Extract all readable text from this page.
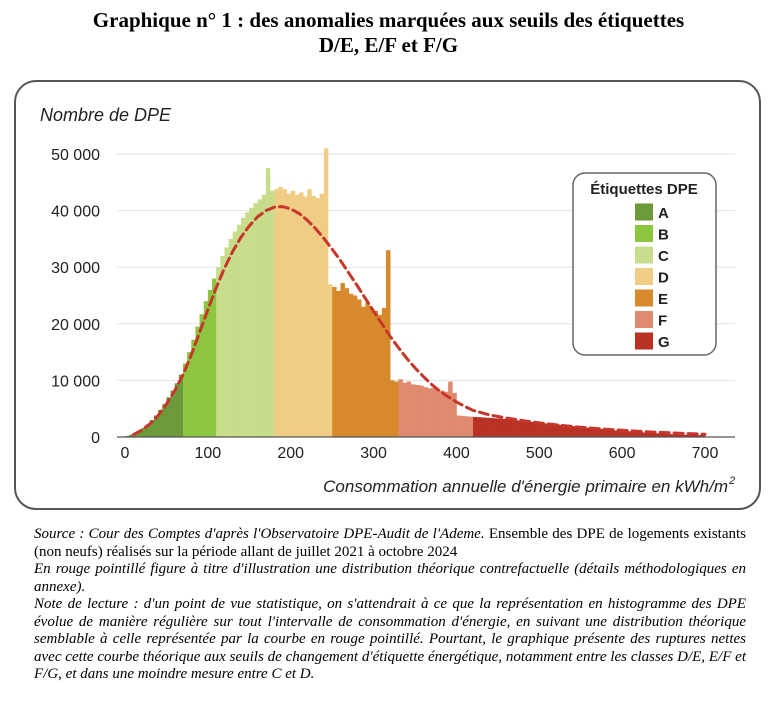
Graphique n° 1 : des anomalies marquées aux seuils des étiquettes
D/E, E/F et F/G
0
10 000
20 000
30 000
40 000
50 000
0	100	200	300	400	500	600	700
Nombre de DPE
Consommation annuelle d'énergie primaire en kWh/m 2
Étiquettes DPE
A
B
C
D
E
F
G

Source : Cour des Comptes d'après l'Observatoire DPE-Audit de l'Ademe. Ensemble des DPE de logements existants (non neufs) réalisés sur la période allant de juillet 2021 à octobre 2024

En rouge pointillé figure à titre d'illustration une distribution théorique contrefactuelle (détails méthodologiques en annexe).

Note de lecture : d'un point de vue statistique, on s'attendrait à ce que la représentation en histogramme des DPE évolue de manière régulière sur tout l'intervalle de consommation d'énergie, en suivant une distribution théorique semblable à celle représentée par la courbe en rouge pointillé. Pourtant, le graphique présente des ruptures nettes avec cette courbe théorique aux seuils de changement d'étiquette énergétique, notamment entre les classes D/E, E/F et F/G, et dans une moindre mesure entre C et D.
